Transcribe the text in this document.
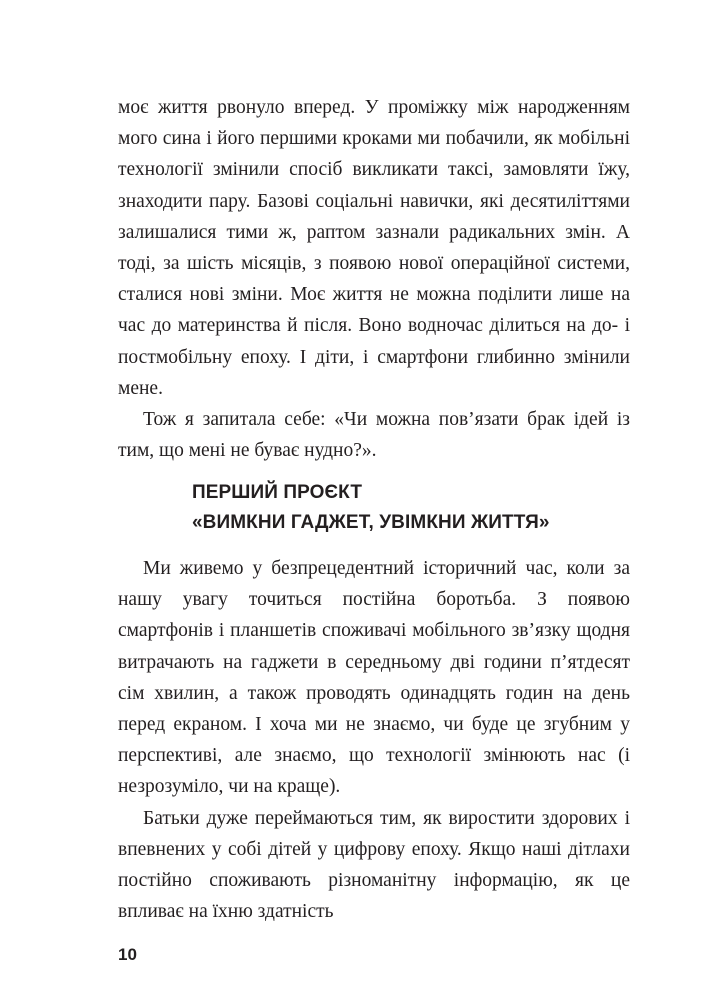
моє життя рвонуло вперед. У проміжку між народженням мого сина і його першими кроками ми побачили, як мобільні технології змінили спосіб викликати таксі, замовляти їжу, знаходити пару. Базові соціальні навички, які десятиліттями залишалися тими ж, раптом зазнали радикальних змін. А тоді, за шість місяців, з появою нової операційної системи, сталися нові зміни. Моє життя не можна поділити лише на час до материнства й після. Воно водночас ділиться на до- і постмобільну епоху. І діти, і смартфони глибинно змінили мене.

Тож я запитала себе: «Чи можна пов’язати брак ідей із тим, що мені не буває нудно?».

ПЕРШИЙ ПРОЄКТ
«ВИМКНИ ГАДЖЕТ, УВІМКНИ ЖИТТЯ»

Ми живемо у безпрецедентний історичний час, коли за нашу увагу точиться постійна боротьба. З появою смартфонів і планшетів споживачі мобільного зв’язку щодня витрачають на гаджети в середньому дві години п’ятдесят сім хвилин, а також проводять одинадцять годин на день перед екраном. І хоча ми не знаємо, чи буде це згубним у перспективі, але знаємо, що технології змінюють нас (і незрозуміло, чи на краще).

Батьки дуже переймаються тим, як виростити здорових і впевнених у собі дітей у цифрову епоху. Якщо наші дітлахи постійно споживають різноманітну інформацію, як це впливає на їхню здатність

10
